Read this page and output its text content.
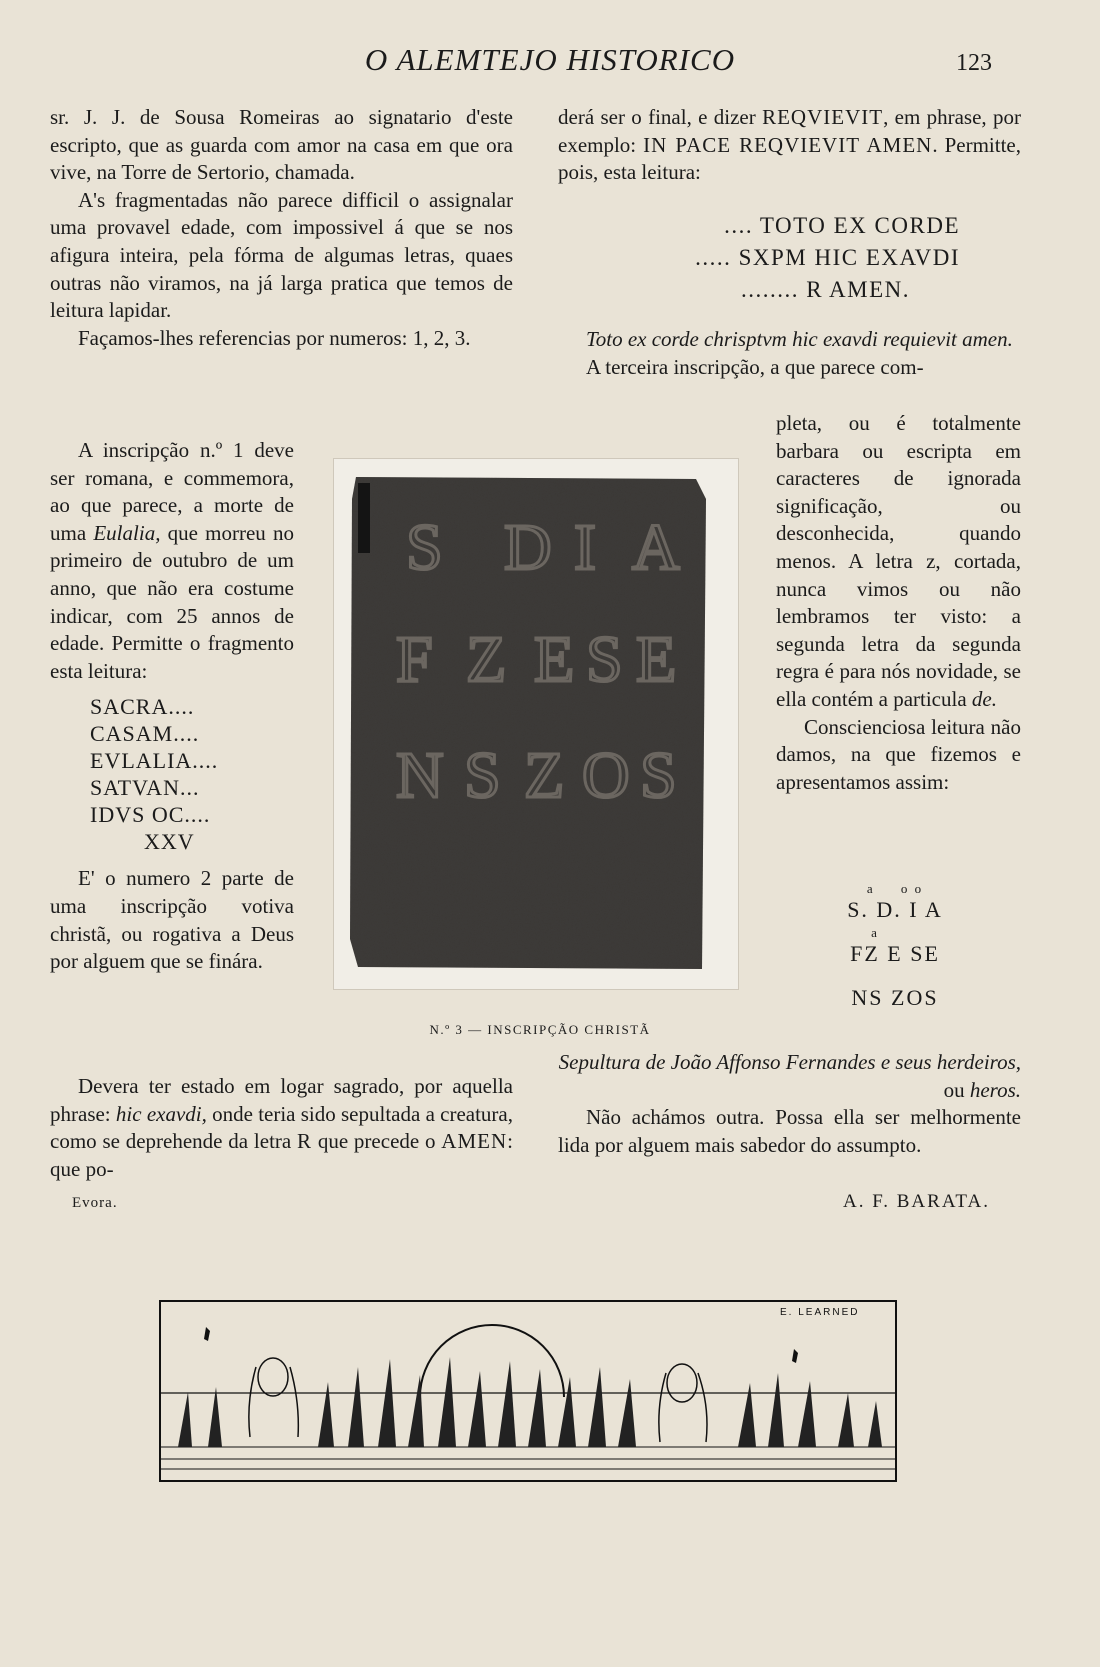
O ALEMTEJO HISTORICO	123

sr. J. J. de Sousa Romeiras ao signatario d'este escripto, que as guarda com amor na casa em que ora vive, na Torre de Sertorio, chamada.

A's fragmentadas não parece difficil o assignalar uma provavel edade, com impossivel á que se nos afigura inteira, pela fórma de algumas letras, quaes outras não viramos, na já larga pratica que temos de leitura lapidar.

Façamos-lhes referencias por numeros: 1, 2, 3.

A inscripção n.º 1 deve ser romana, e commemora, ao que parece, a morte de uma Eulalia, que morreu no primeiro de outubro de um anno, que não era costume indicar, com 25 annos de edade. Permitte o fragmento esta leitura:

SACRA....
CASAM....
EVLALIA....
SATVAN...
IDVS OC....
XXV

E' o numero 2 parte de uma inscripção votiva christã, ou rogativa a Deus por alguem que se finára.

Devera ter estado em logar sagrado, por aquella phrase: hic exavdi, onde teria sido sepultada a creatura, como se deprehende da letra R que precede o AMEN: que po-

Evora.

derá ser o final, e dizer REQVIEVIT, em phrase, por exemplo: IN PACE REQVIEVIT AMEN. Permitte, pois, esta leitura:

.... TOTO EX CORDE
..... SXPM HIC EXAVDI
........ R AMEN.

Toto ex corde chrisptvm hic exavdi requievit amen.

A terceira inscripção, a que parece com-

pleta, ou é totalmente barbara ou escripta em caracteres de ignorada significação, ou desconhecida, quando menos. A letra z, cortada, nunca vimos ou não lembramos ter visto: a segunda letra da segunda regra é para nós novidade, se ella contém a particula de.

Conscienciosa leitura não damos, na que fizemos e apresentamos assim:

a     o o
S. D. I A
a
FZ E SE
NS ZOS

Sepultura de João Affonso Fernandes e seus herdeiros, ou heros.

Não achámos outra. Possa ella ser melhormente lida por alguem mais sabedor do assumpto.

A. F. BARATA.
S D I A
F Z E S E
N S Z O S
N.º 3 — INSCRIPÇÃO CHRISTÃ
E. LEARNED
